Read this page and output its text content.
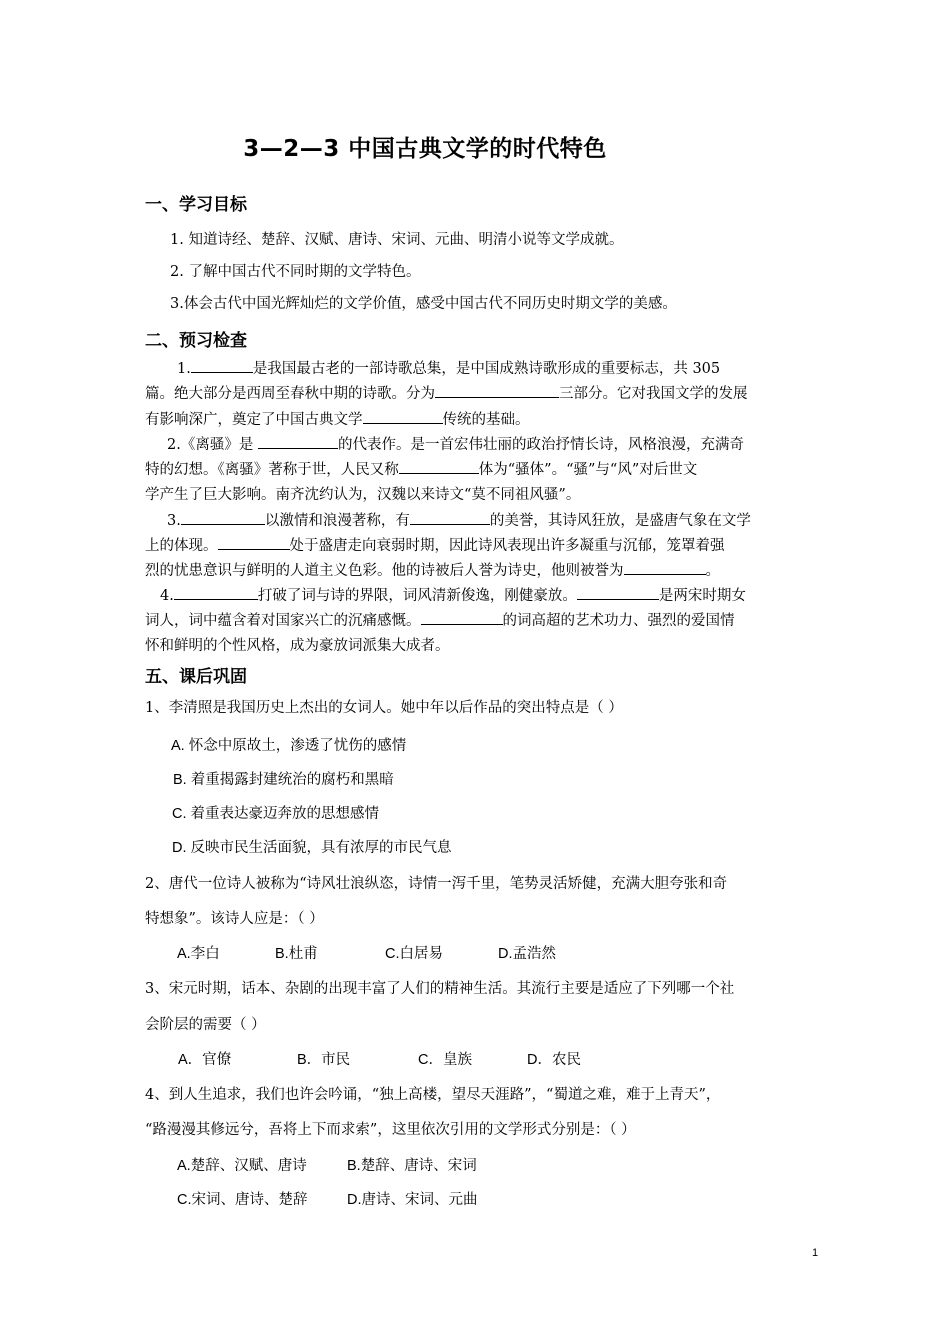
3—2—3 中国古典文学的时代特色
一、学习目标
1. 知道诗经、楚辞、汉赋、唐诗、宋词、元曲、明清小说等文学成就。
2. 了解中国古代不同时期的文学特色。
3.体会古代中国光辉灿烂的文学价值，感受中国古代不同历史时期文学的美感。
二、预习检查
1.	是我国最古老的一部诗歌总集，是中国成熟诗歌形成的重要标志，共 305
篇。绝大部分是西周至春秋中期的诗歌。分为	三部分。它对我国文学的发展
有影响深广，奠定了中国古典文学	传统的基础。
2.《离骚》是	的代表作。是一首宏伟壮丽的政治抒情长诗，风格浪漫，充满奇
特的幻想。《离骚》著称于世，人民又称	体为“骚体”。“骚”与“风”对后世文
学产生了巨大影响。南齐沈约认为，汉魏以来诗文“莫不同祖风骚”。
3.	以激情和浪漫著称，有	的美誉，其诗风狂放，是盛唐气象在文学
上的体现。	处于盛唐走向衰弱时期，因此诗风表现出许多凝重与沉郁，笼罩着强
烈的忧患意识与鲜明的人道主义色彩。他的诗被后人誉为诗史，他则被誉为	。
4.	打破了词与诗的界限，词风清新俊逸，刚健豪放。	是两宋时期女
词人，词中蕴含着对国家兴亡的沉痛感慨。	的词高超的艺术功力、强烈的爱国情
怀和鲜明的个性风格，成为豪放词派集大成者。
五、课后巩固
1、李清照是我国历史上杰出的女词人。她中年以后作品的突出特点是（ ）
A. 怀念中原故土，渗透了忧伤的感情
B. 着重揭露封建统治的腐朽和黑暗
C. 着重表达豪迈奔放的思想感情
D. 反映市民生活面貌，具有浓厚的市民气息
2、唐代一位诗人被称为“诗风壮浪纵恣，诗情一泻千里，笔势灵活矫健，充满大胆夸张和奇
特想象”。该诗人应是：（ ）
A.李白	B.杜甫	C.白居易	D.孟浩然
3、宋元时期，话本、杂剧的出现丰富了人们的精神生活。其流行主要是适应了下列哪一个社
会阶层的需要（ ）
A．官僚	B．市民	C．皇族	D．农民
4、到人生追求，我们也许会吟诵，“独上高楼，望尽天涯路”，“蜀道之难，难于上青天”，
“路漫漫其修远兮，吾将上下而求索”，这里依次引用的文学形式分别是：（ ）
A.楚辞、汉赋、唐诗	B.楚辞、唐诗、宋词
C.宋词、唐诗、楚辞	D.唐诗、宋词、元曲
1
